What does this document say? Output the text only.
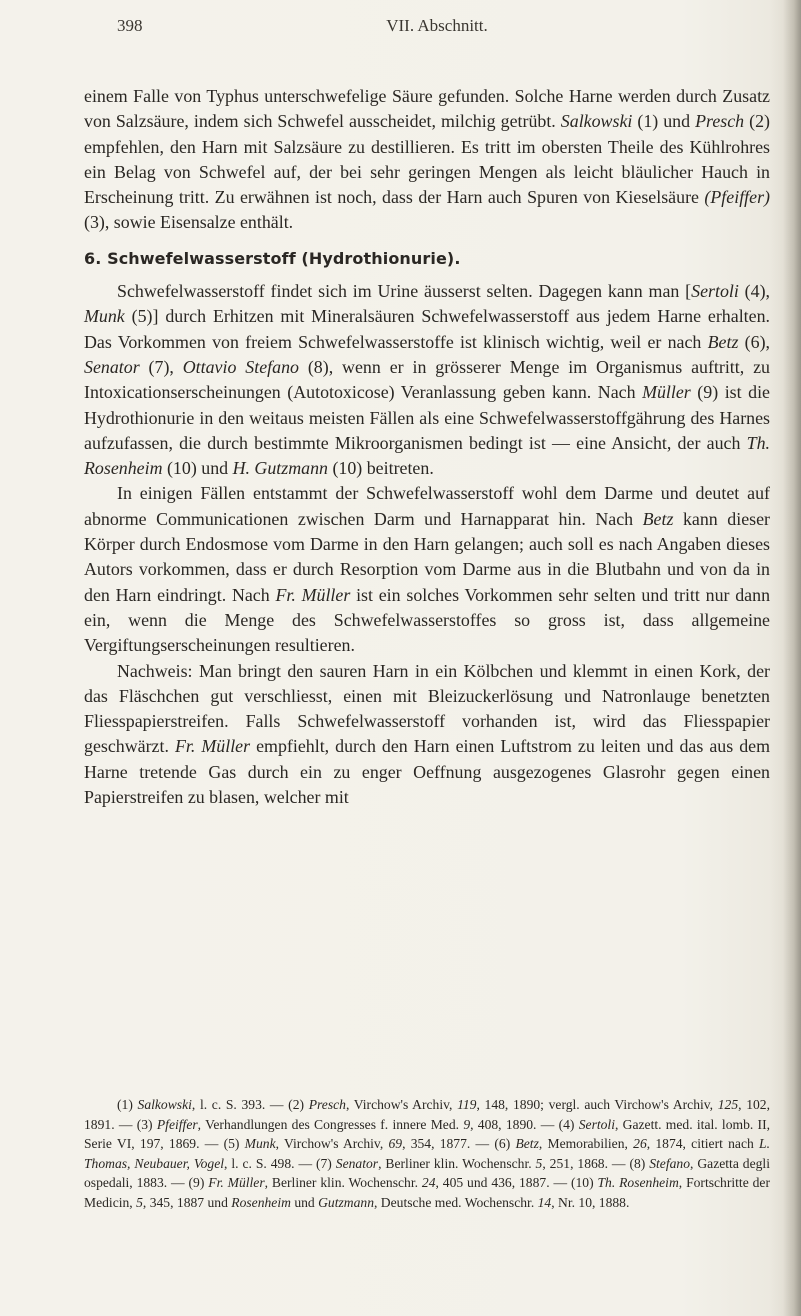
398	VII. Abschnitt.

einem Falle von Typhus unterschwefelige Säure gefunden. Solche Harne werden durch Zusatz von Salzsäure, indem sich Schwefel ausscheidet, milchig getrübt. Salkowski (1) und Presch (2) empfehlen, den Harn mit Salzsäure zu destillieren. Es tritt im obersten Theile des Kühlrohres ein Belag von Schwefel auf, der bei sehr geringen Mengen als leicht bläulicher Hauch in Erscheinung tritt. Zu erwähnen ist noch, dass der Harn auch Spuren von Kieselsäure (Pfeiffer) (3), sowie Eisensalze enthält.

6. Schwefelwasserstoff (Hydrothionurie).

Schwefelwasserstoff findet sich im Urine äusserst selten. Dagegen kann man [Sertoli (4), Munk (5)] durch Erhitzen mit Mineralsäuren Schwefelwasserstoff aus jedem Harne erhalten. Das Vorkommen von freiem Schwefelwasserstoffe ist klinisch wichtig, weil er nach Betz (6), Senator (7), Ottavio Stefano (8), wenn er in grösserer Menge im Organismus auftritt, zu Intoxicationserscheinungen (Autotoxicose) Veranlassung geben kann. Nach Müller (9) ist die Hydrothionurie in den weitaus meisten Fällen als eine Schwefelwasserstoffgährung des Harnes aufzufassen, die durch bestimmte Mikroorganismen bedingt ist — eine Ansicht, der auch Th. Rosenheim (10) und H. Gutzmann (10) beitreten.

In einigen Fällen entstammt der Schwefelwasserstoff wohl dem Darme und deutet auf abnorme Communicationen zwischen Darm und Harnapparat hin. Nach Betz kann dieser Körper durch Endosmose vom Darme in den Harn gelangen; auch soll es nach Angaben dieses Autors vorkommen, dass er durch Resorption vom Darme aus in die Blutbahn und von da in den Harn eindringt. Nach Fr. Müller ist ein solches Vorkommen sehr selten und tritt nur dann ein, wenn die Menge des Schwefelwasserstoffes so gross ist, dass allgemeine Vergiftungserscheinungen resultieren.

Nachweis: Man bringt den sauren Harn in ein Kölbchen und klemmt in einen Kork, der das Fläschchen gut verschliesst, einen mit Bleizuckerlösung und Natronlauge benetzten Fliesspapierstreifen. Falls Schwefelwasserstoff vorhanden ist, wird das Fliesspapier geschwärzt. Fr. Müller empfiehlt, durch den Harn einen Luftstrom zu leiten und das aus dem Harne tretende Gas durch ein zu enger Oeffnung ausgezogenes Glasrohr gegen einen Papierstreifen zu blasen, welcher mit

(1) Salkowski, l. c. S. 393. — (2) Presch, Virchow's Archiv, 119, 148, 1890; vergl. auch Virchow's Archiv, 125, 102, 1891. — (3) Pfeiffer, Verhandlungen des Congresses f. innere Med. 9, 408, 1890. — (4) Sertoli, Gazett. med. ital. lomb. II, Serie VI, 197, 1869. — (5) Munk, Virchow's Archiv, 69, 354, 1877. — (6) Betz, Memorabilien, 26, 1874, citiert nach L. Thomas, Neubauer, Vogel, l. c. S. 498. — (7) Senator, Berliner klin. Wochenschr. 5, 251, 1868. — (8) Stefano, Gazetta degli ospedali, 1883. — (9) Fr. Müller, Berliner klin. Wochenschr. 24, 405 und 436, 1887. — (10) Th. Rosenheim, Fortschritte der Medicin, 5, 345, 1887 und Rosenheim und Gutzmann, Deutsche med. Wochenschr. 14, Nr. 10, 1888.
